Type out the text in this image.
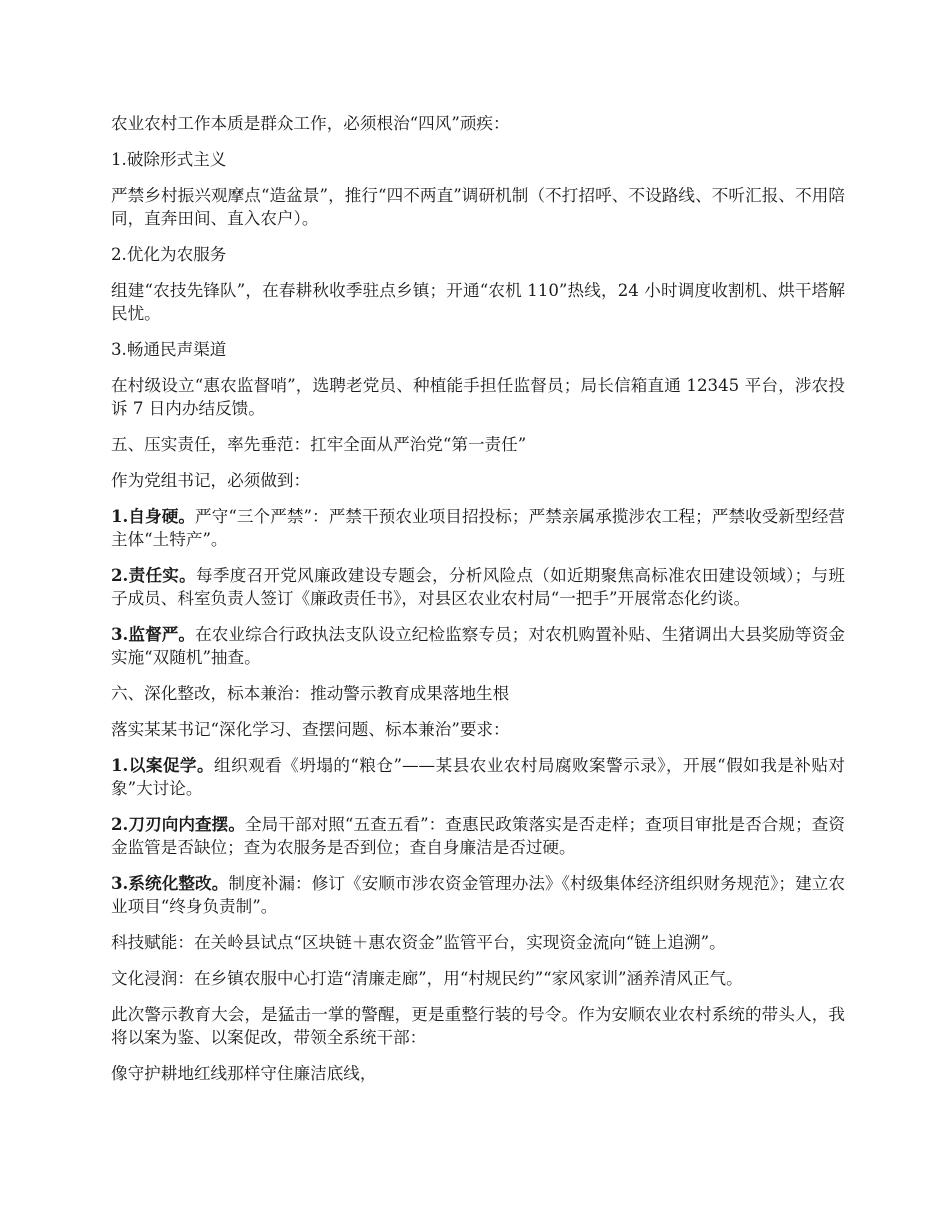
农业农村工作本质是群众工作，必须根治“四风”顽疾：

1.破除形式主义

严禁乡村振兴观摩点“造盆景”，推行“四不两直”调研机制（不打招呼、不设路线、不听汇报、不用陪同，直奔田间、直入农户）。

2.优化为农服务

组建“农技先锋队”，在春耕秋收季驻点乡镇；开通“农机 110”热线，24 小时调度收割机、烘干塔解民忧。

3.畅通民声渠道

在村级设立“惠农监督哨”，选聘老党员、种植能手担任监督员；局长信箱直通 12345 平台，涉农投诉 7 日内办结反馈。

五、压实责任，率先垂范：扛牢全面从严治党“第一责任”

作为党组书记，必须做到：

1.自身硬。严守“三个严禁”：严禁干预农业项目招投标；严禁亲属承揽涉农工程；严禁收受新型经营主体“土特产”。

2.责任实。每季度召开党风廉政建设专题会，分析风险点（如近期聚焦高标准农田建设领域）；与班子成员、科室负责人签订《廉政责任书》，对县区农业农村局“一把手”开展常态化约谈。

3.监督严。在农业综合行政执法支队设立纪检监察专员；对农机购置补贴、生猪调出大县奖励等资金实施“双随机”抽查。

六、深化整改，标本兼治：推动警示教育成果落地生根

落实某某书记“深化学习、查摆问题、标本兼治”要求：

1.以案促学。组织观看《坍塌的“粮仓”——某县农业农村局腐败案警示录》，开展“假如我是补贴对象”大讨论。

2.刀刃向内查摆。全局干部对照“五查五看”：查惠民政策落实是否走样；查项目审批是否合规；查资金监管是否缺位；查为农服务是否到位；查自身廉洁是否过硬。

3.系统化整改。制度补漏：修订《安顺市涉农资金管理办法》《村级集体经济组织财务规范》；建立农业项目“终身负责制”。

科技赋能：在关岭县试点“区块链＋惠农资金”监管平台，实现资金流向“链上追溯”。

文化浸润：在乡镇农服中心打造“清廉走廊”，用“村规民约”“家风家训”涵养清风正气。

此次警示教育大会，是猛击一掌的警醒，更是重整行装的号令。作为安顺农业农村系统的带头人，我将以案为鉴、以案促改，带领全系统干部：

像守护耕地红线那样守住廉洁底线，
